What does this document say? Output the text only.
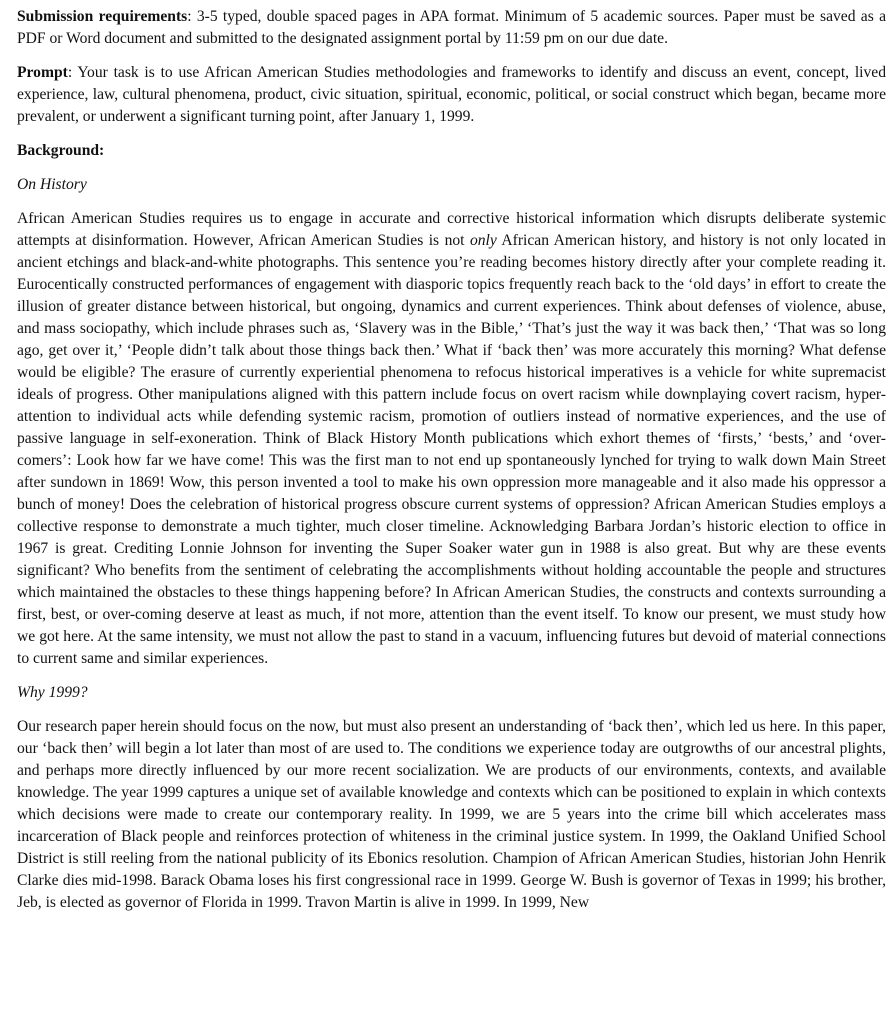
Submission requirements: 3-5 typed, double spaced pages in APA format. Minimum of 5 academic sources. Paper must be saved as a PDF or Word document and submitted to the designated assignment portal by 11:59 pm on our due date.

Prompt: Your task is to use African American Studies methodologies and frameworks to identify and discuss an event, concept, lived experience, law, cultural phenomena, product, civic situation, spiritual, economic, political, or social construct which began, became more prevalent, or underwent a significant turning point, after January 1, 1999.

Background:

On History

African American Studies requires us to engage in accurate and corrective historical information which disrupts deliberate systemic attempts at disinformation. However, African American Studies is not only African American history, and history is not only located in ancient etchings and black-and-white photographs. This sentence you’re reading becomes history directly after your complete reading it. Eurocentically constructed performances of engagement with diasporic topics frequently reach back to the ‘old days’ in effort to create the illusion of greater distance between historical, but ongoing, dynamics and current experiences. Think about defenses of violence, abuse, and mass sociopathy, which include phrases such as, ‘Slavery was in the Bible,’ ‘That’s just the way it was back then,’ ‘That was so long ago, get over it,’ ‘People didn’t talk about those things back then.’ What if ‘back then’ was more accurately this morning? What defense would be eligible? The erasure of currently experiential phenomena to refocus historical imperatives is a vehicle for white supremacist ideals of progress. Other manipulations aligned with this pattern include focus on overt racism while downplaying covert racism, hyper-attention to individual acts while defending systemic racism, promotion of outliers instead of normative experiences, and the use of passive language in self-exoneration. Think of Black History Month publications which exhort themes of ‘firsts,’ ‘bests,’ and ‘over-comers’: Look how far we have come! This was the first man to not end up spontaneously lynched for trying to walk down Main Street after sundown in 1869! Wow, this person invented a tool to make his own oppression more manageable and it also made his oppressor a bunch of money! Does the celebration of historical progress obscure current systems of oppression? African American Studies employs a collective response to demonstrate a much tighter, much closer timeline. Acknowledging Barbara Jordan’s historic election to office in 1967 is great. Crediting Lonnie Johnson for inventing the Super Soaker water gun in 1988 is also great. But why are these events significant? Who benefits from the sentiment of celebrating the accomplishments without holding accountable the people and structures which maintained the obstacles to these things happening before? In African American Studies, the constructs and contexts surrounding a first, best, or over-coming deserve at least as much, if not more, attention than the event itself. To know our present, we must study how we got here. At the same intensity, we must not allow the past to stand in a vacuum, influencing futures but devoid of material connections to current same and similar experiences.

Why 1999?

Our research paper herein should focus on the now, but must also present an understanding of ‘back then’, which led us here. In this paper, our ‘back then’ will begin a lot later than most of are used to. The conditions we experience today are outgrowths of our ancestral plights, and perhaps more directly influenced by our more recent socialization. We are products of our environments, contexts, and available knowledge. The year 1999 captures a unique set of available knowledge and contexts which can be positioned to explain in which contexts which decisions were made to create our contemporary reality. In 1999, we are 5 years into the crime bill which accelerates mass incarceration of Black people and reinforces protection of whiteness in the criminal justice system. In 1999, the Oakland Unified School District is still reeling from the national publicity of its Ebonics resolution. Champion of African American Studies, historian John Henrik Clarke dies mid-1998. Barack Obama loses his first congressional race in 1999. George W. Bush is governor of Texas in 1999; his brother, Jeb, is elected as governor of Florida in 1999. Travon Martin is alive in 1999. In 1999, New
